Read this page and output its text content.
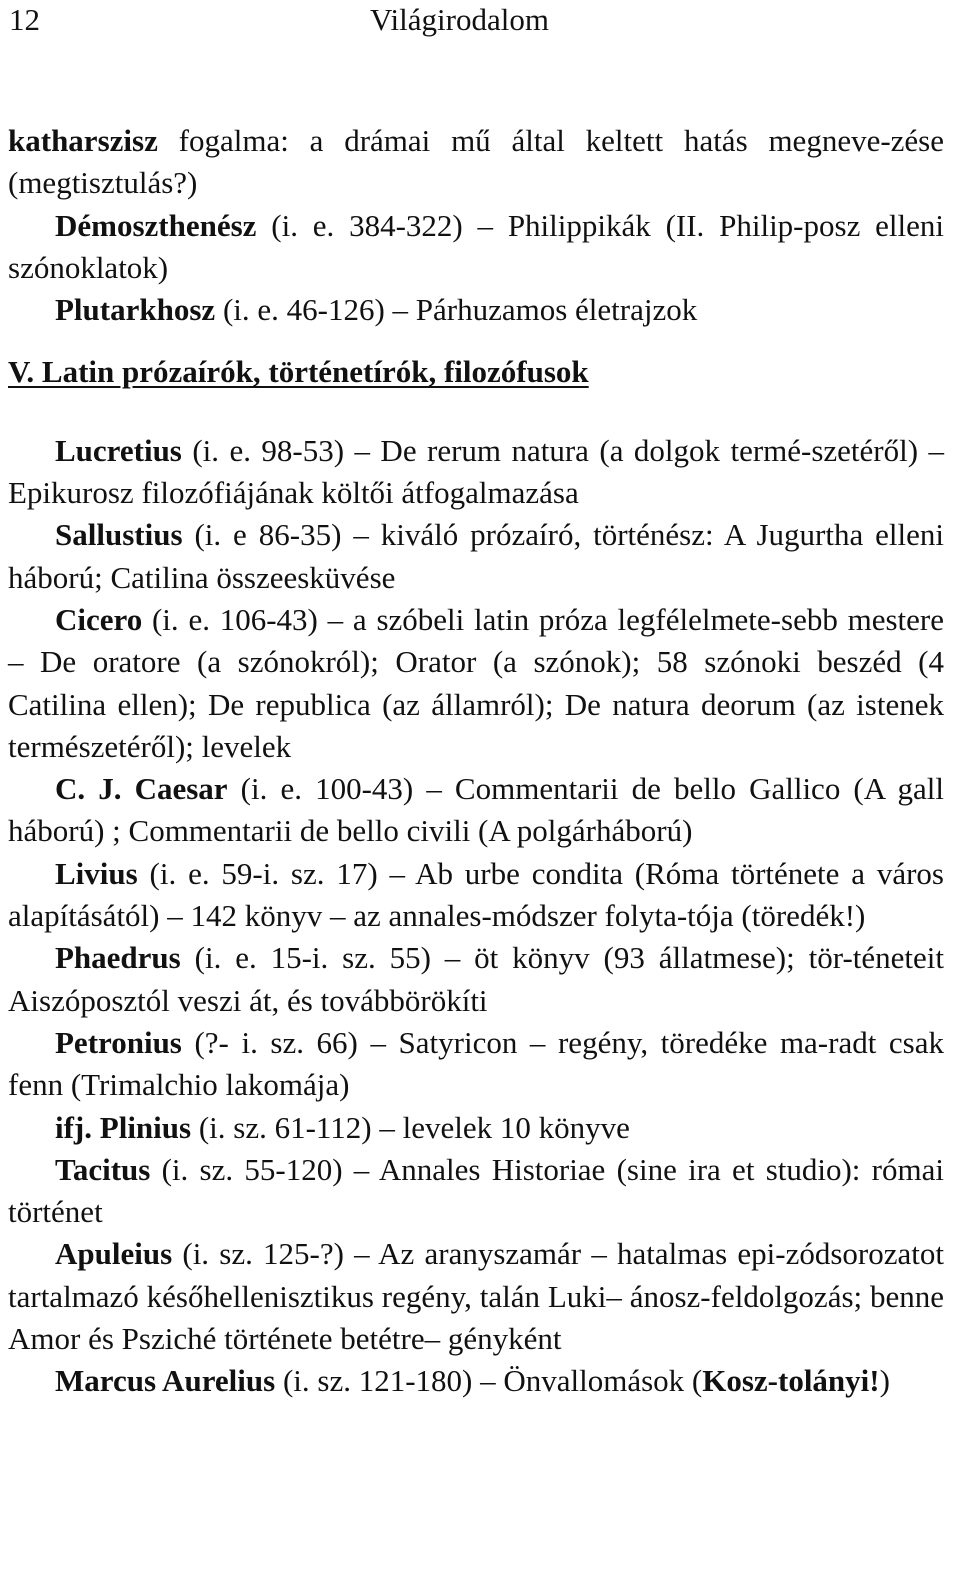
12	Világirodalom

katharszisz fogalma: a drámai mű által keltett hatás megneve-zése (megtisztulás?)

Démoszthenész (i. e. 384-322) – Philippikák (II. Philip-posz elleni szónoklatok)

Plutarkhosz (i. e. 46-126) – Párhuzamos életrajzok

V. Latin prózaírók, történetírók, filozófusok

Lucretius (i. e. 98-53) – De rerum natura (a dolgok termé-szetéről) – Epikurosz filozófiájának költői átfogalmazása

Sallustius (i. e 86-35) – kiváló prózaíró, történész: A Jugurtha elleni háború; Catilina összeesküvése

Cicero (i. e. 106-43) – a szóbeli latin próza legfélelmete-sebb mestere – De oratore (a szónokról); Orator (a szónok); 58 szónoki beszéd (4 Catilina ellen); De republica (az államról); De natura deorum (az istenek természetéről); levelek

C. J. Caesar (i. e. 100-43) – Commentarii de bello Gallico (A gall háború) ; Commentarii de bello civili (A polgárháború)

Livius (i. e. 59-i. sz. 17) – Ab urbe condita (Róma története a város alapításától) – 142 könyv – az annales-módszer folyta-tója (töredék!)

Phaedrus (i. e. 15-i. sz. 55) – öt könyv (93 állatmese); tör-téneteit Aiszóposztól veszi át, és továbbörökíti

Petronius (?- i. sz. 66) – Satyricon – regény, töredéke ma-radt csak fenn (Trimalchio lakomája)

ifj. Plinius (i. sz. 61-112) – levelek 10 könyve

Tacitus (i. sz. 55-120) – Annales Historiae (sine ira et studio): római történet

Apuleius (i. sz. 125-?) – Az aranyszamár – hatalmas epi-zódsorozatot tartalmazó későhellenisztikus regény, talán Luki– ánosz-feldolgozás; benne Amor és Psziché története betétre– gényként

Marcus Aurelius (i. sz. 121-180) – Önvallomások (Kosz-tolányi!)
